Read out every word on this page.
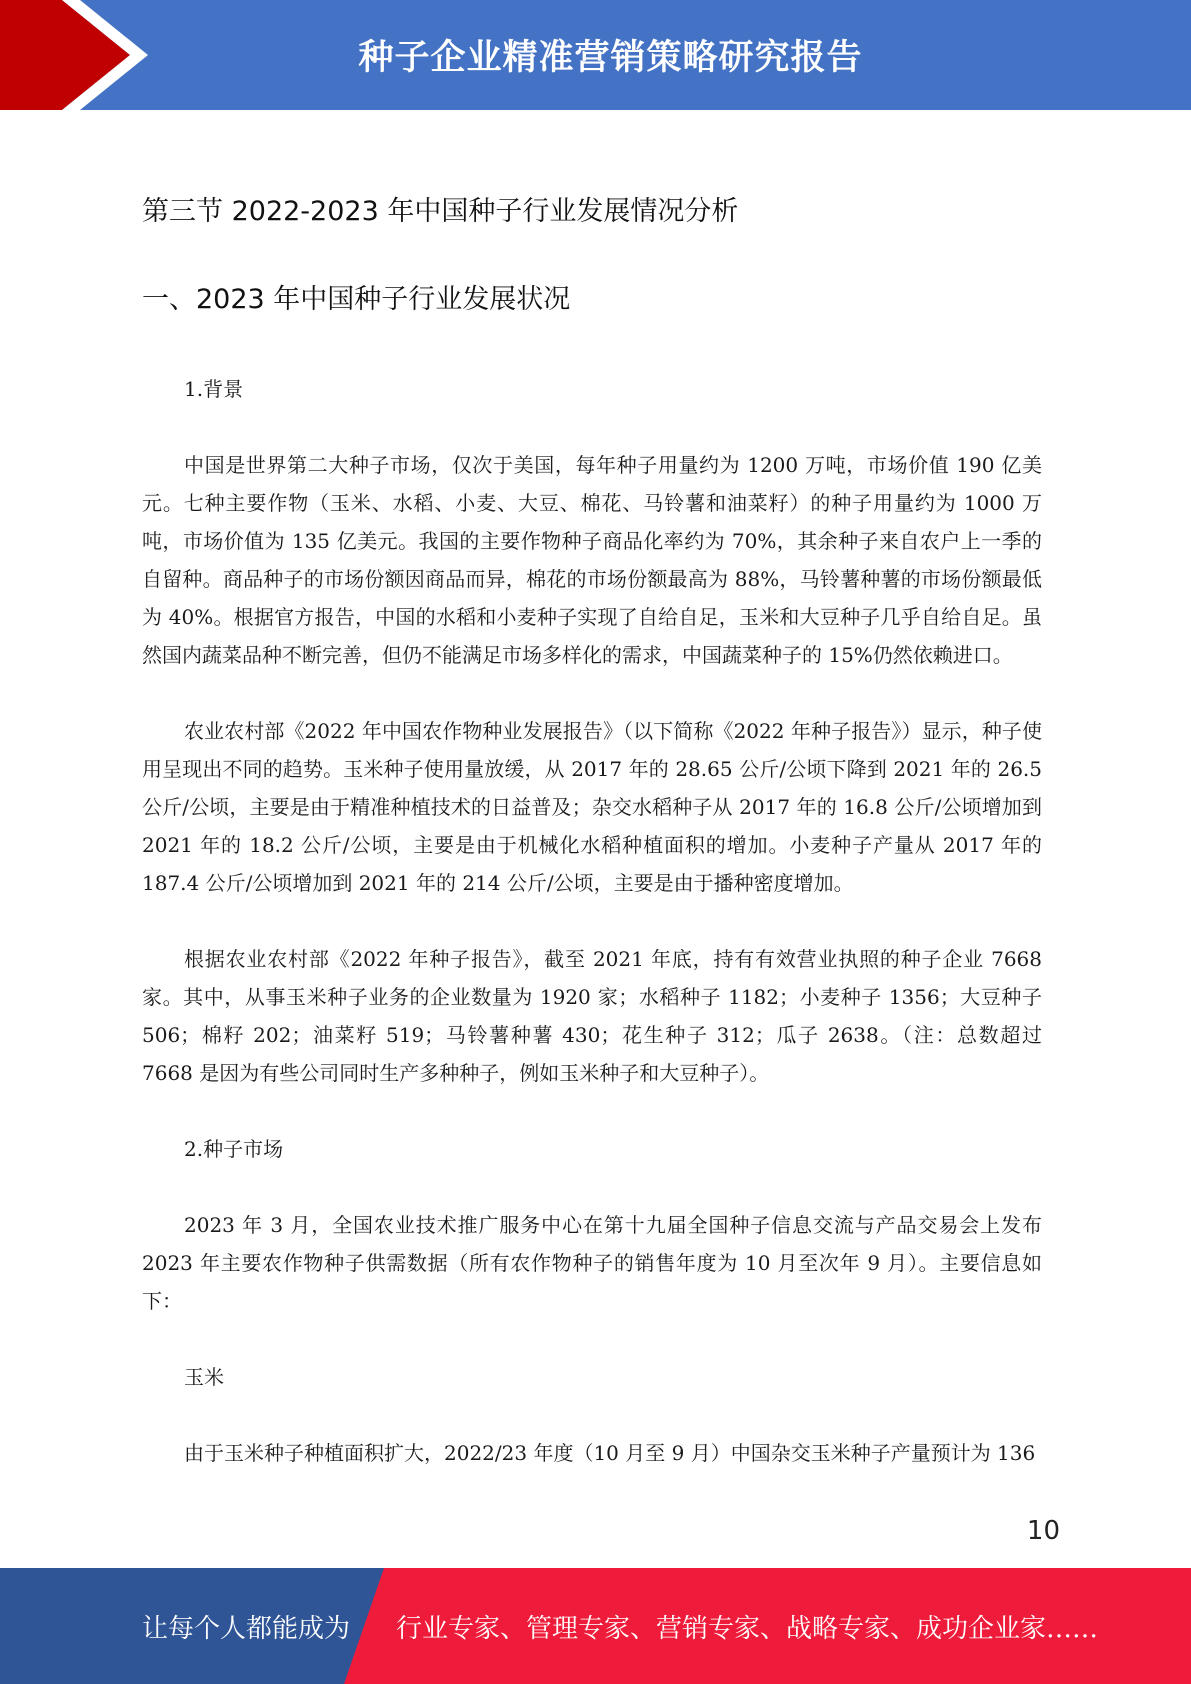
种子企业精准营销策略研究报告
第三节 2022-2023 年中国种子行业发展情况分析
一、2023 年中国种子行业发展状况

1.背景

中国是世界第二大种子市场，仅次于美国，每年种子用量约为 1200 万吨，市场价值 190 亿美元。七种主要作物（玉米、水稻、小麦、大豆、棉花、马铃薯和油菜籽）的种子用量约为 1000 万吨，市场价值为 135 亿美元。我国的主要作物种子商品化率约为 70%，其余种子来自农户上一季的自留种。商品种子的市场份额因商品而异，棉花的市场份额最高为 88%，马铃薯种薯的市场份额最低为 40%。根据官方报告，中国的水稻和小麦种子实现了自给自足，玉米和大豆种子几乎自给自足。虽然国内蔬菜品种不断完善，但仍不能满足市场多样化的需求，中国蔬菜种子的 15%仍然依赖进口。

农业农村部《2022 年中国农作物种业发展报告》（以下简称《2022 年种子报告》）显示，种子使用呈现出不同的趋势。玉米种子使用量放缓，从 2017 年的 28.65 公斤/公顷下降到 2021 年的 26.5 公斤/公顷，主要是由于精准种植技术的日益普及；杂交水稻种子从 2017 年的 16.8 公斤/公顷增加到 2021 年的 18.2 公斤/公顷，主要是由于机械化水稻种植面积的增加。小麦种子产量从 2017 年的 187.4 公斤/公顷增加到 2021 年的 214 公斤/公顷，主要是由于播种密度增加。

根据农业农村部《2022 年种子报告》，截至 2021 年底，持有有效营业执照的种子企业 7668 家。其中，从事玉米种子业务的企业数量为 1920 家；水稻种子 1182；小麦种子 1356；大豆种子 506；棉籽 202；油菜籽 519；马铃薯种薯 430；花生种子 312；瓜子 2638。（注：总数超过 7668 是因为有些公司同时生产多种种子，例如玉米种子和大豆种子）。

2.种子市场

2023 年 3 月，全国农业技术推广服务中心在第十九届全国种子信息交流与产品交易会上发布 2023 年主要农作物种子供需数据（所有农作物种子的销售年度为 10 月至次年 9 月）。主要信息如下：

玉米

由于玉米种子种植面积扩大，2022/23 年度（10 月至 9 月）中国杂交玉米种子产量预计为 136

10
让每个人都能成为 行业专家、管理专家、营销专家、战略专家、成功企业家……
